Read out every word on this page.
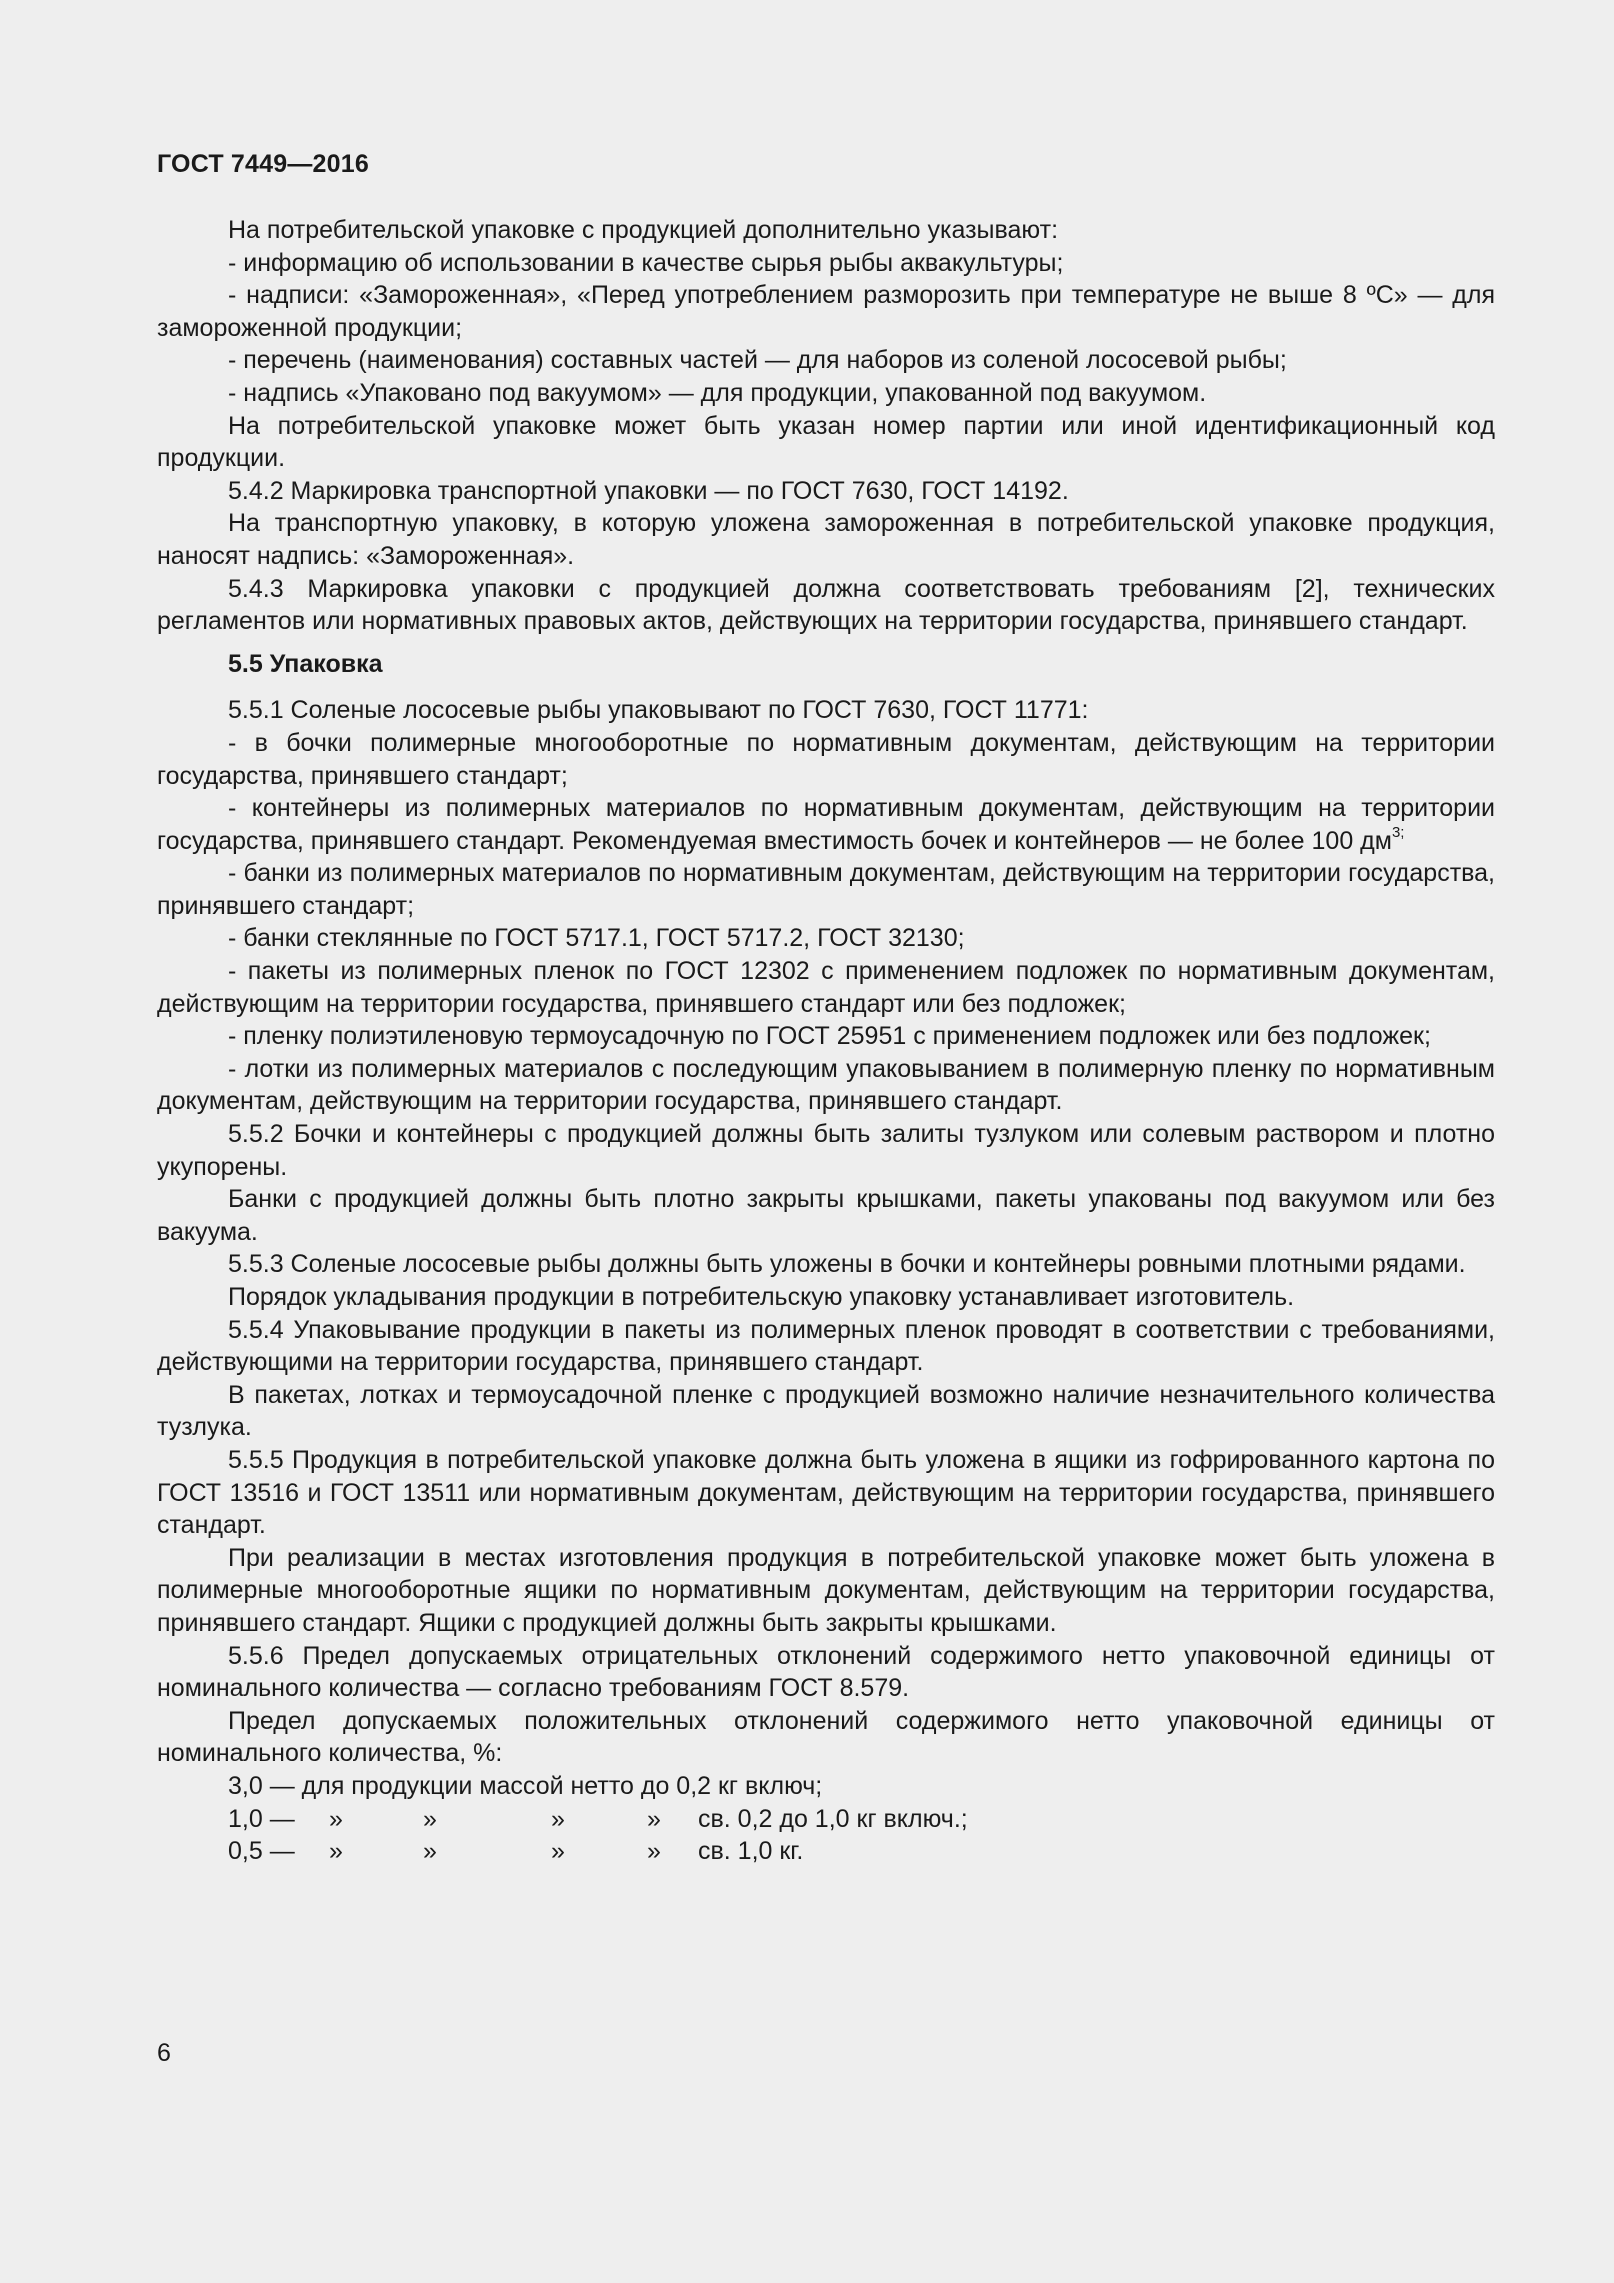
ГОСТ 7449—2016

На потребительской упаковке с продукцией дополнительно указывают:

- информацию об использовании в качестве сырья рыбы аквакультуры;

- надписи: «Замороженная», «Перед употреблением разморозить при температуре не выше 8 ºС» — для замороженной продукции;

- перечень (наименования) составных частей — для наборов из соленой лососевой рыбы;

- надпись «Упаковано под вакуумом» — для продукции, упакованной под вакуумом.

На потребительской упаковке может быть указан номер партии или иной идентификационный код продукции.

5.4.2 Маркировка транспортной упаковки — по ГОСТ 7630, ГОСТ 14192.

На транспортную упаковку, в которую уложена замороженная в потребительской упаковке продукция, наносят надпись: «Замороженная».

5.4.3 Маркировка упаковки с продукцией должна соответствовать требованиям [2], технических регламентов или нормативных правовых актов, действующих на территории государства, принявшего стандарт.

5.5 Упаковка

5.5.1 Соленые лососевые рыбы упаковывают по ГОСТ 7630, ГОСТ 11771:

- в бочки полимерные многооборотные по нормативным документам, действующим на территории государства, принявшего стандарт;

- контейнеры из полимерных материалов по нормативным документам, действующим на территории государства, принявшего стандарт. Рекомендуемая вместимость бочек и контейнеров — не более 100 $дм^{3;}$

- банки из полимерных материалов по нормативным документам, действующим на территории государства, принявшего стандарт;

- банки стеклянные по ГОСТ 5717.1, ГОСТ 5717.2, ГОСТ 32130;

- пакеты из полимерных пленок по ГОСТ 12302 с применением подложек по нормативным документам, действующим на территории государства, принявшего стандарт или без подложек;

- пленку полиэтиленовую термоусадочную по ГОСТ 25951 с применением подложек или без подложек;

- лотки из полимерных материалов с последующим упаковыванием в полимерную пленку по нормативным документам, действующим на территории государства, принявшего стандарт.

5.5.2 Бочки и контейнеры с продукцией должны быть залиты тузлуком или солевым раствором и плотно укупорены.

Банки с продукцией должны быть плотно закрыты крышками, пакеты упакованы под вакуумом или без вакуума.

5.5.3 Соленые лососевые рыбы должны быть уложены в бочки и контейнеры ровными плотными рядами.

Порядок укладывания продукции в потребительскую упаковку устанавливает изготовитель.

5.5.4 Упаковывание продукции в пакеты из полимерных пленок проводят в соответствии с требованиями, действующими на территории государства, принявшего стандарт.

В пакетах, лотках и термоусадочной пленке с продукцией возможно наличие незначительного количества тузлука.

5.5.5 Продукция в потребительской упаковке должна быть уложена в ящики из гофрированного картона по ГОСТ 13516 и ГОСТ 13511 или нормативным документам, действующим на территории государства, принявшего стандарт.

При реализации в местах изготовления продукция в потребительской упаковке может быть уложена в полимерные многооборотные ящики по нормативным документам, действующим на территории государства, принявшего стандарт. Ящики с продукцией должны быть закрыты крышками.

5.5.6 Предел допускаемых отрицательных отклонений содержимого нетто упаковочной единицы от номинального количества — согласно требованиям ГОСТ 8.579.

Предел допускаемых положительных отклонений содержимого нетто упаковочной единицы от номинального количества, %:

3,0 — для продукции массой нетто до 0,2 кг включ;

1,0 — »	»	»	» св. 0,2 до 1,0 кг включ.;
0,5 — »	»	»	» св. 1,0 кг.
6
